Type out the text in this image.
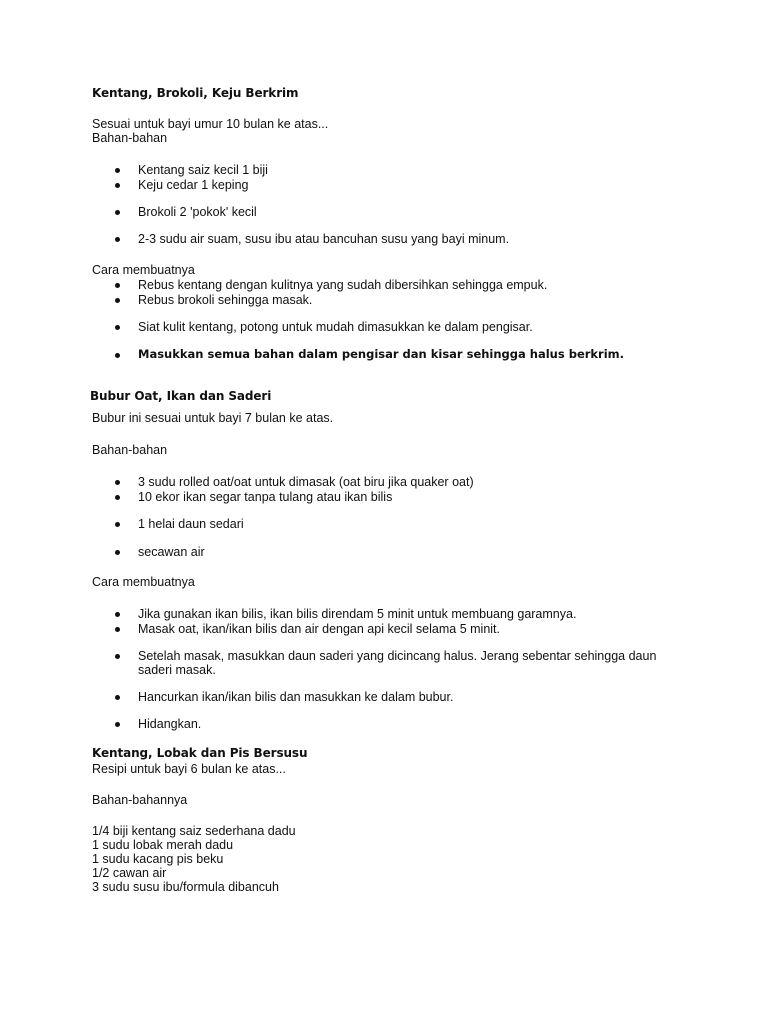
Kentang, Brokoli, Keju Berkrim
Sesuai untuk bayi umur 10 bulan ke atas...
Bahan-bahan
Kentang saiz kecil 1 biji
Keju cedar 1 keping
Brokoli 2 'pokok' kecil
2-3 sudu air suam, susu ibu atau bancuhan susu yang bayi minum.
Cara membuatnya
Rebus kentang dengan kulitnya yang sudah dibersihkan sehingga empuk.
Rebus brokoli sehingga masak.
Siat kulit kentang, potong untuk mudah dimasukkan ke dalam pengisar.
Masukkan semua bahan dalam pengisar dan kisar sehingga halus berkrim.
Bubur Oat, Ikan dan Saderi
Bubur ini sesuai untuk bayi 7 bulan ke atas.
Bahan-bahan
3 sudu rolled oat/oat untuk dimasak (oat biru jika quaker oat)
10 ekor ikan segar tanpa tulang atau ikan bilis
1 helai daun sedari
secawan air
Cara membuatnya
Jika gunakan ikan bilis, ikan bilis direndam 5 minit untuk membuang garamnya.
Masak oat, ikan/ikan bilis dan air dengan api kecil selama 5 minit.
Setelah masak, masukkan daun saderi yang dicincang halus. Jerang sebentar sehingga daun
saderi masak.
Hancurkan ikan/ikan bilis dan masukkan ke dalam bubur.
Hidangkan.
Kentang, Lobak dan Pis Bersusu
Resipi untuk bayi 6 bulan ke atas...
Bahan-bahannya
1/4 biji kentang saiz sederhana dadu
1 sudu lobak merah dadu
1 sudu kacang pis beku
1/2 cawan air
3 sudu susu ibu/formula dibancuh
